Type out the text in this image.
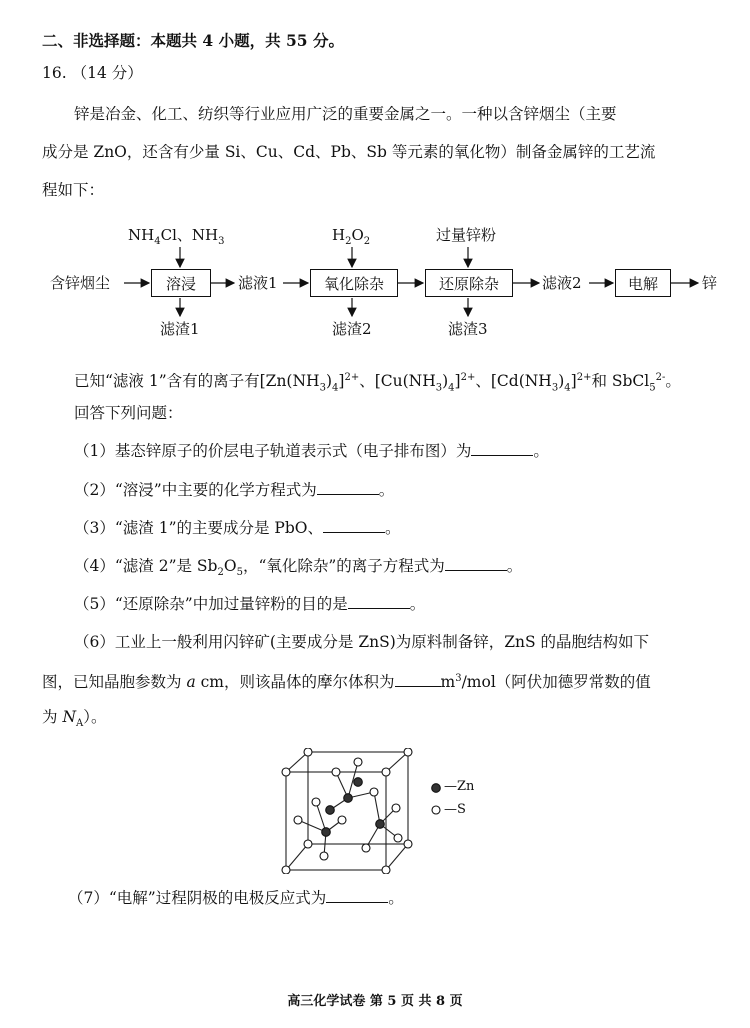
二、非选择题：本题共 4 小题，共 55 分。
16. （14 分）
锌是冶金、化工、纺织等行业应用广泛的重要金属之一。一种以含锌烟尘（主要
成分是 ZnO，还含有少量 Si、Cu、Cd、Pb、Sb 等元素的氧化物）制备金属锌的工艺流
程如下：
含锌烟尘
$NH_4Cl$、$NH_3$	$H_2O_2$	过量锌粉
溶浸	滤液1	氧化除杂	还原除杂	滤液2	电解	锌
滤渣1	滤渣2	滤渣3
已知“滤液 1”含有的离子有$[Zn(NH_3)_4]^{2+}$、$[Cu(NH_3)_4]^{2+}$、$[Cd(NH_3)_4]^{2+}$和 SbCl$_5^{2-}$。
回答下列问题：
（1）基态锌原子的价层电子轨道表示式（电子排布图）为	。
（2）“溶浸”中主要的化学方程式为	。
（3）“滤渣 1”的主要成分是 PbO、	。
（4）“滤渣 2”是 $Sb_2O_5$，“氧化除杂”的离子方程式为	。
（5）“还原除杂”中加过量锌粉的目的是	。
（6）工业上一般利用闪锌矿(主要成分是 ZnS)为原料制备锌，ZnS 的晶胞结构如下
图，已知晶胞参数为 a cm，则该晶体的摩尔体积为	$m^3/mol$（阿伏加德罗常数的值
为 $N_A$）。
—Zn
—S
（7）“电解”过程阴极的电极反应式为	。
高三化学试卷 第 5 页 共 8 页
